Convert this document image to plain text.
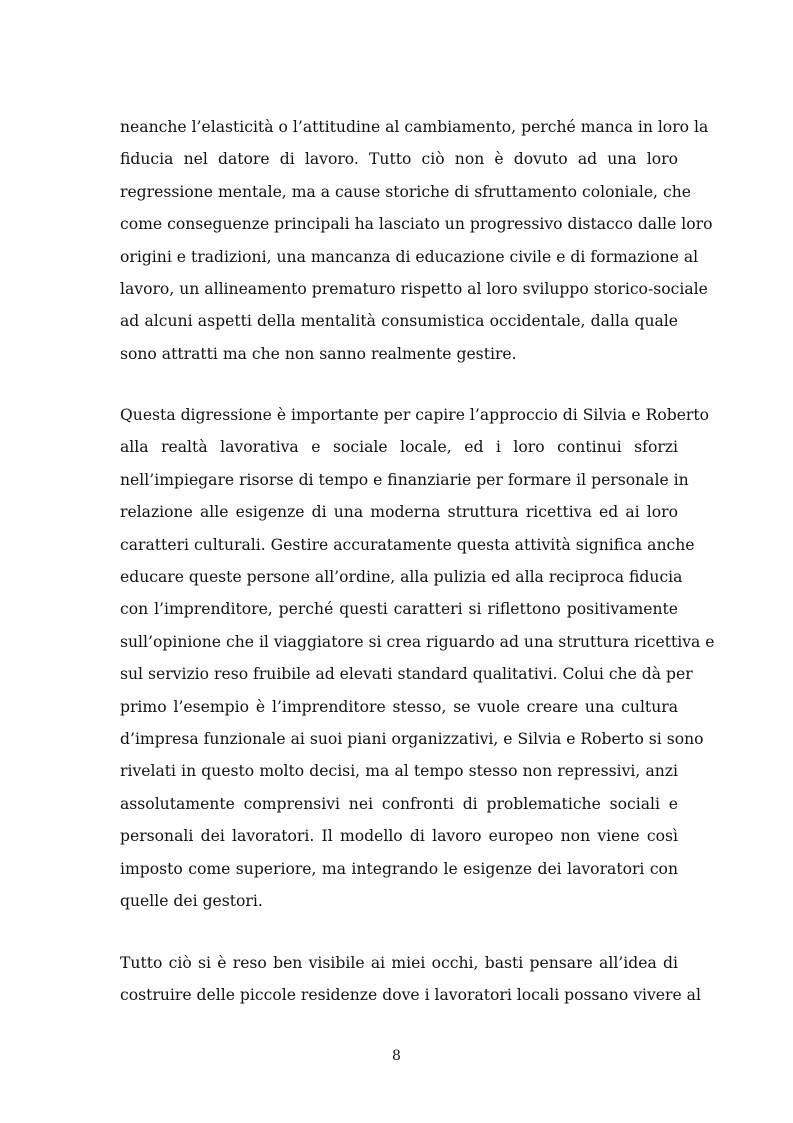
neanche l’elasticità o l’attitudine al cambiamento, perché manca in loro la
fiducia nel datore di lavoro. Tutto ciò non è dovuto ad una loro
regressione mentale, ma a cause storiche di sfruttamento coloniale, che
come conseguenze principali ha lasciato un progressivo distacco dalle loro
origini e tradizioni, una mancanza di educazione civile e di formazione al
lavoro, un allineamento prematuro rispetto al loro sviluppo storico-sociale
ad alcuni aspetti della mentalità consumistica occidentale, dalla quale
sono attratti ma che non sanno realmente gestire.
Questa digressione è importante per capire l’approccio di Silvia e Roberto
alla realtà lavorativa e sociale locale, ed i loro continui sforzi
nell’impiegare risorse di tempo e finanziarie per formare il personale in
relazione alle esigenze di una moderna struttura ricettiva ed ai loro
caratteri culturali. Gestire accuratamente questa attività significa anche
educare queste persone all’ordine, alla pulizia ed alla reciproca fiducia
con l’imprenditore, perché questi caratteri si riflettono positivamente
sull’opinione che il viaggiatore si crea riguardo ad una struttura ricettiva e
sul servizio reso fruibile ad elevati standard qualitativi. Colui che dà per
primo l’esempio è l’imprenditore stesso, se vuole creare una cultura
d’impresa funzionale ai suoi piani organizzativi, e Silvia e Roberto si sono
rivelati in questo molto decisi, ma al tempo stesso non repressivi, anzi
assolutamente comprensivi nei confronti di problematiche sociali e
personali dei lavoratori. Il modello di lavoro europeo non viene così
imposto come superiore, ma integrando le esigenze dei lavoratori con
quelle dei gestori.
Tutto ciò si è reso ben visibile ai miei occhi, basti pensare all’idea di
costruire delle piccole residenze dove i lavoratori locali possano vivere al
8
